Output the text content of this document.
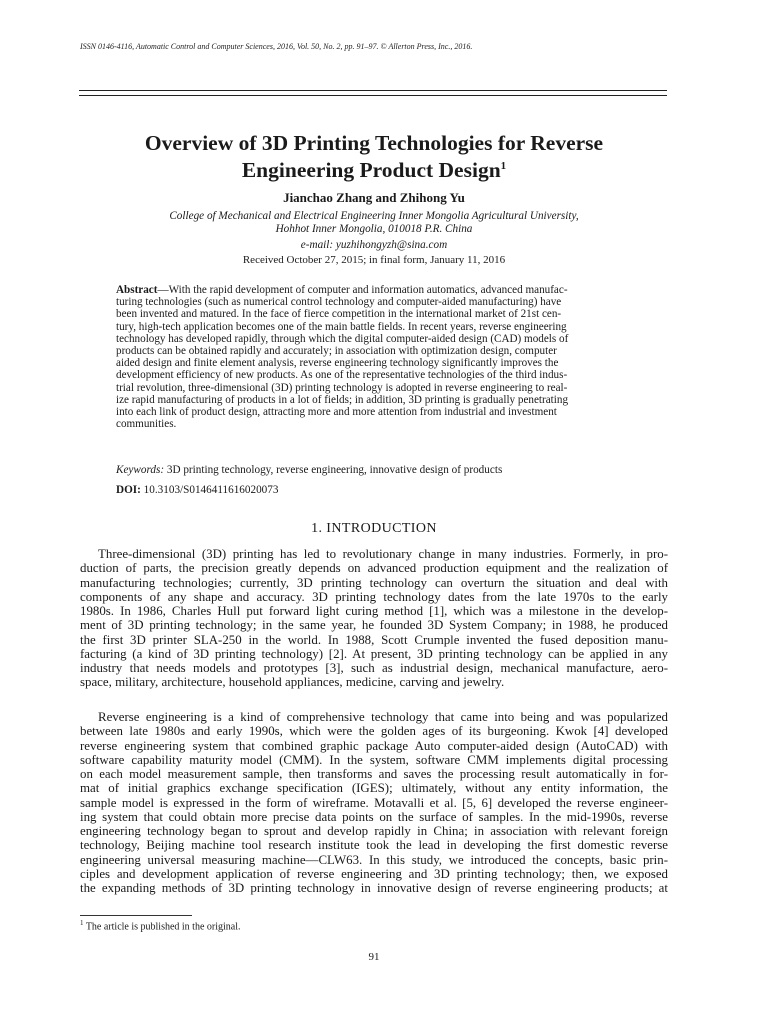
ISSN 0146-4116, Automatic Control and Computer Sciences, 2016, Vol. 50, No. 2, pp. 91–97. © Allerton Press, Inc., 2016.
Overview of 3D Printing Technologies for Reverse
Engineering Product Design$^1$
Jianchao Zhang and Zhihong Yu
College of Mechanical and Electrical Engineering Inner Mongolia Agricultural University,
Hohhot Inner Mongolia, 010018 P.R. China
e-mail: yuzhihongyzh@sina.com
Received October 27, 2015; in final form, January 11, 2016
Abstract—With the rapid development of computer and information automatics, advanced manufac-
turing technologies (such as numerical control technology and computer-aided manufacturing) have
been invented and matured. In the face of fierce competition in the international market of 21st cen-
tury, high-tech application becomes one of the main battle fields. In recent years, reverse engineering
technology has developed rapidly, through which the digital computer-aided design (CAD) models of
products can be obtained rapidly and accurately; in association with optimization design, computer
aided design and finite element analysis, reverse engineering technology significantly improves the
development efficiency of new products. As one of the representative technologies of the third indus-
trial revolution, three-dimensional (3D) printing technology is adopted in reverse engineering to real-
ize rapid manufacturing of products in a lot of fields; in addition, 3D printing is gradually penetrating
into each link of product design, attracting more and more attention from industrial and investment
communities.
Keywords: 3D printing technology, reverse engineering, innovative design of products
DOI: 10.3103/S0146411616020073
1. INTRODUCTION
Three-dimensional (3D) printing has led to revolutionary change in many industries. Formerly, in pro-
duction of parts, the precision greatly depends on advanced production equipment and the realization of
manufacturing technologies; currently, 3D printing technology can overturn the situation and deal with
components of any shape and accuracy. 3D printing technology dates from the late 1970s to the early
1980s. In 1986, Charles Hull put forward light curing method [1], which was a milestone in the develop-
ment of 3D printing technology; in the same year, he founded 3D System Company; in 1988, he produced
the first 3D printer SLA-250 in the world. In 1988, Scott Crumple invented the fused deposition manu-
facturing (a kind of 3D printing technology) [2]. At present, 3D printing technology can be applied in any
industry that needs models and prototypes [3], such as industrial design, mechanical manufacture, aero-
space, military, architecture, household appliances, medicine, carving and jewelry.
Reverse engineering is a kind of comprehensive technology that came into being and was popularized
between late 1980s and early 1990s, which were the golden ages of its burgeoning. Kwok [4] developed
reverse engineering system that combined graphic package Auto computer-aided design (AutoCAD) with
software capability maturity model (CMM). In the system, software CMM implements digital processing
on each model measurement sample, then transforms and saves the processing result automatically in for-
mat of initial graphics exchange specification (IGES); ultimately, without any entity information, the
sample model is expressed in the form of wireframe. Motavalli et al. [5, 6] developed the reverse engineer-
ing system that could obtain more precise data points on the surface of samples. In the mid-1990s, reverse
engineering technology began to sprout and develop rapidly in China; in association with relevant foreign
technology, Beijing machine tool research institute took the lead in developing the first domestic reverse
engineering universal measuring machine—CLW63. In this study, we introduced the concepts, basic prin-
ciples and development application of reverse engineering and 3D printing technology; then, we exposed
the expanding methods of 3D printing technology in innovative design of reverse engineering products; at
$^1$ The article is published in the original.
91
